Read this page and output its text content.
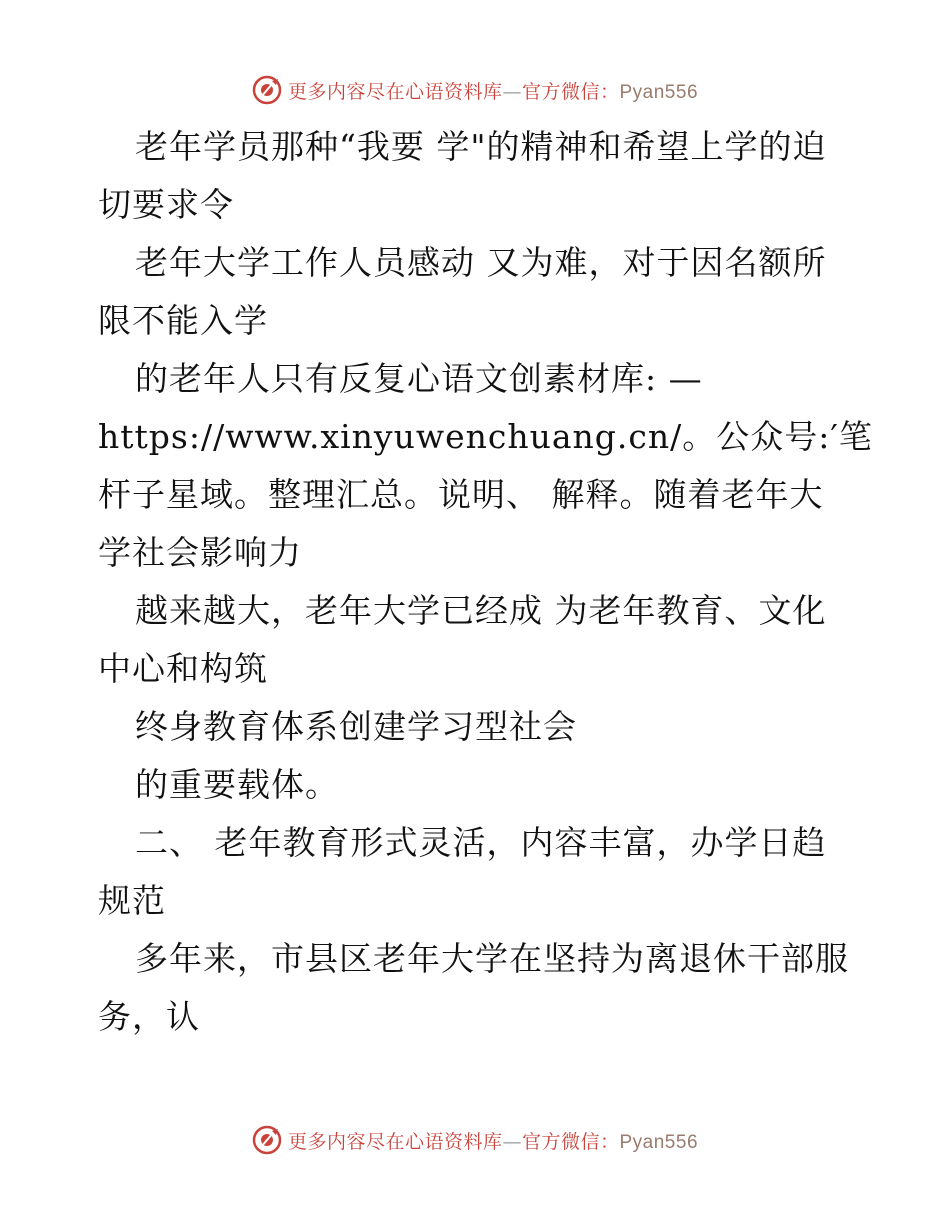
更多内容尽在心语资料库—官方微信：Pyan556
老年学员那种“我要 学"的精神和希望上学的迫
切要求令
老年大学工作人员感动 又为难，对于因名额所
限不能入学
的老年人只有反复心语文创素材库: —
https://www.xinyuwenchuang.cn/。公众号:′笔
杆子星域。整理汇总。说明、 解释。随着老年大
学社会影响力
越来越大，老年大学已经成 为老年教育、文化
中心和构筑
终身教育体系创建学习型社会
的重要载体。
二、 老年教育形式灵活，内容丰富，办学日趋
规范
多年来，市县区老年大学在坚持为离退休干部服
务，认
更多内容尽在心语资料库—官方微信：Pyan556
